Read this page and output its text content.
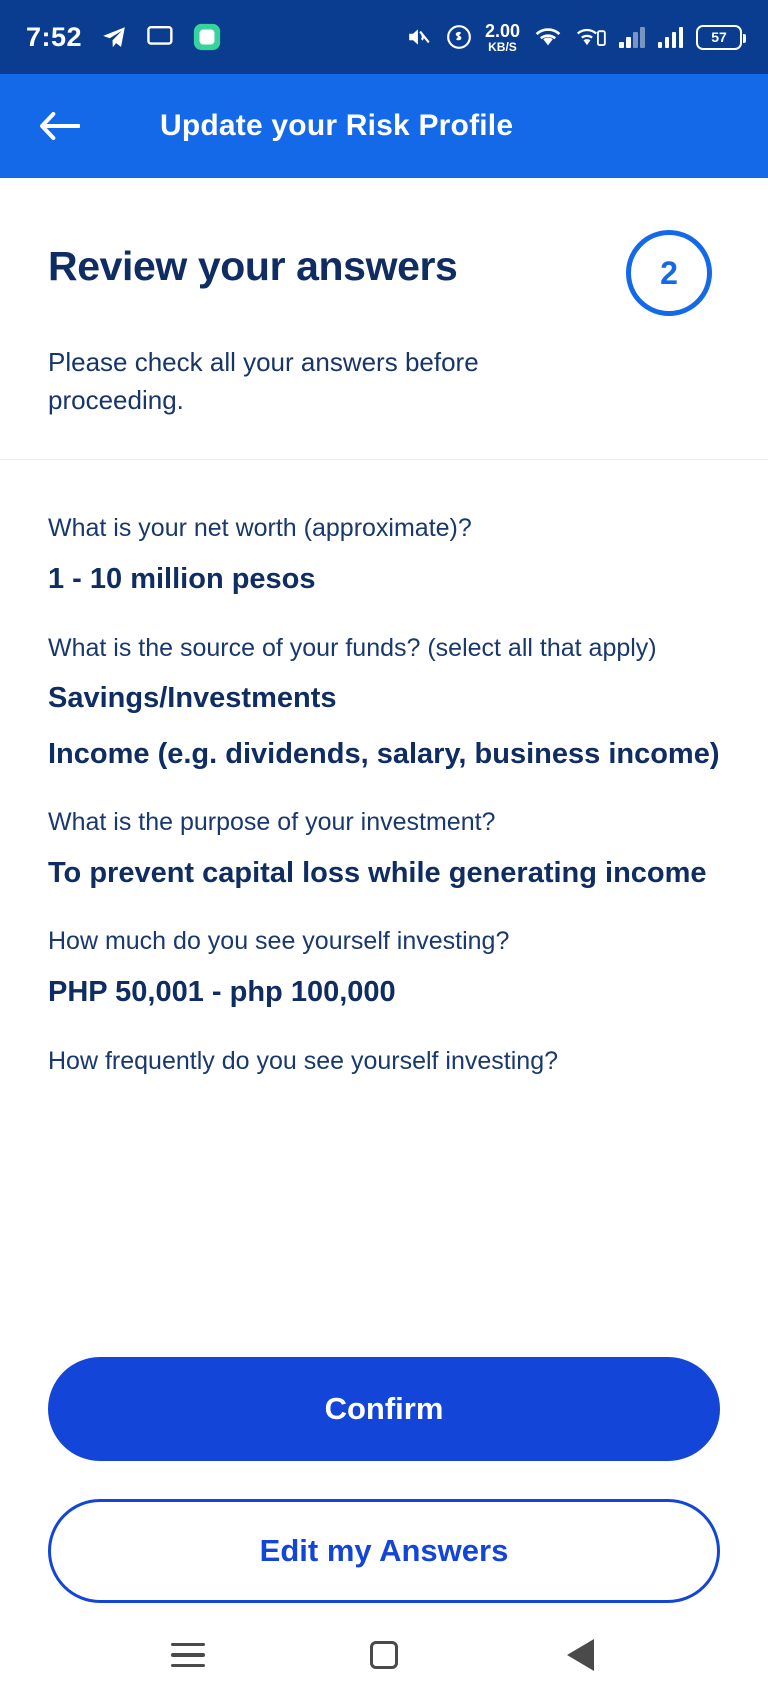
7:52	2.00
KB/S
57
Update your Risk Profile
Review your answers	2
Please check all your answers before proceeding.
What is your net worth (approximate)?
1 - 10 million pesos
What is the source of your funds? (select all that apply)
Savings/Investments
Income (e.g. dividends, salary, business income)
What is the purpose of your investment?
To prevent capital loss while generating income
How much do you see yourself investing?
PHP 50,001 - php 100,000
How frequently do you see yourself investing?
Confirm
Edit my Answers
